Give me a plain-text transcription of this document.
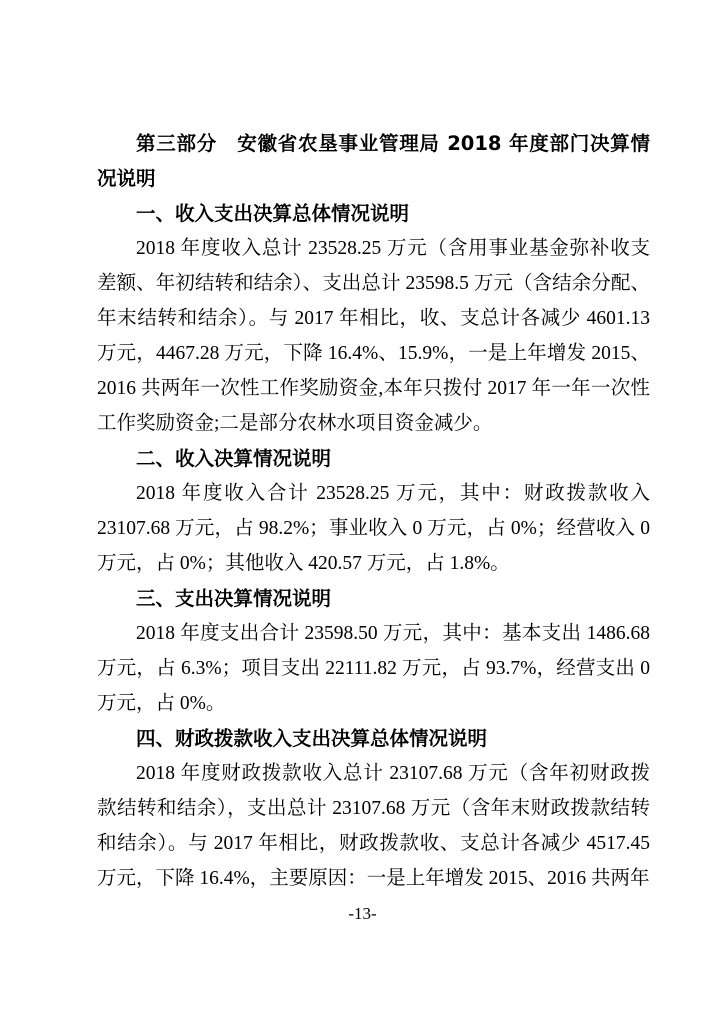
第三部分　安徽省农垦事业管理局 2018 年度部门决算情况说明

一、收入支出决算总体情况说明

2018 年度收入总计 23528.25 万元（含用事业基金弥补收支差额、年初结转和结余）、支出总计 23598.5 万元（含结余分配、年末结转和结余）。与 2017 年相比，收、支总计各减少 4601.13 万元，4467.28 万元，下降 16.4%、15.9%，一是上年增发 2015、2016 共两年一次性工作奖励资金,本年只拨付 2017 年一年一次性工作奖励资金;二是部分农林水项目资金减少。

二、收入决算情况说明

2018 年度收入合计 23528.25 万元，其中：财政拨款收入 23107.68 万元，占 98.2%；事业收入 0 万元，占 0%；经营收入 0 万元，占 0%；其他收入 420.57 万元，占 1.8%。

三、支出决算情况说明

2018 年度支出合计 23598.50 万元，其中：基本支出 1486.68 万元，占 6.3%；项目支出 22111.82 万元，占 93.7%，经营支出 0 万元，占 0%。

四、财政拨款收入支出决算总体情况说明

2018 年度财政拨款收入总计 23107.68 万元（含年初财政拨款结转和结余），支出总计 23107.68 万元（含年末财政拨款结转和结余）。与 2017 年相比，财政拨款收、支总计各减少 4517.45 万元，下降 16.4%，主要原因：一是上年增发 2015、2016 共两年

-13-
